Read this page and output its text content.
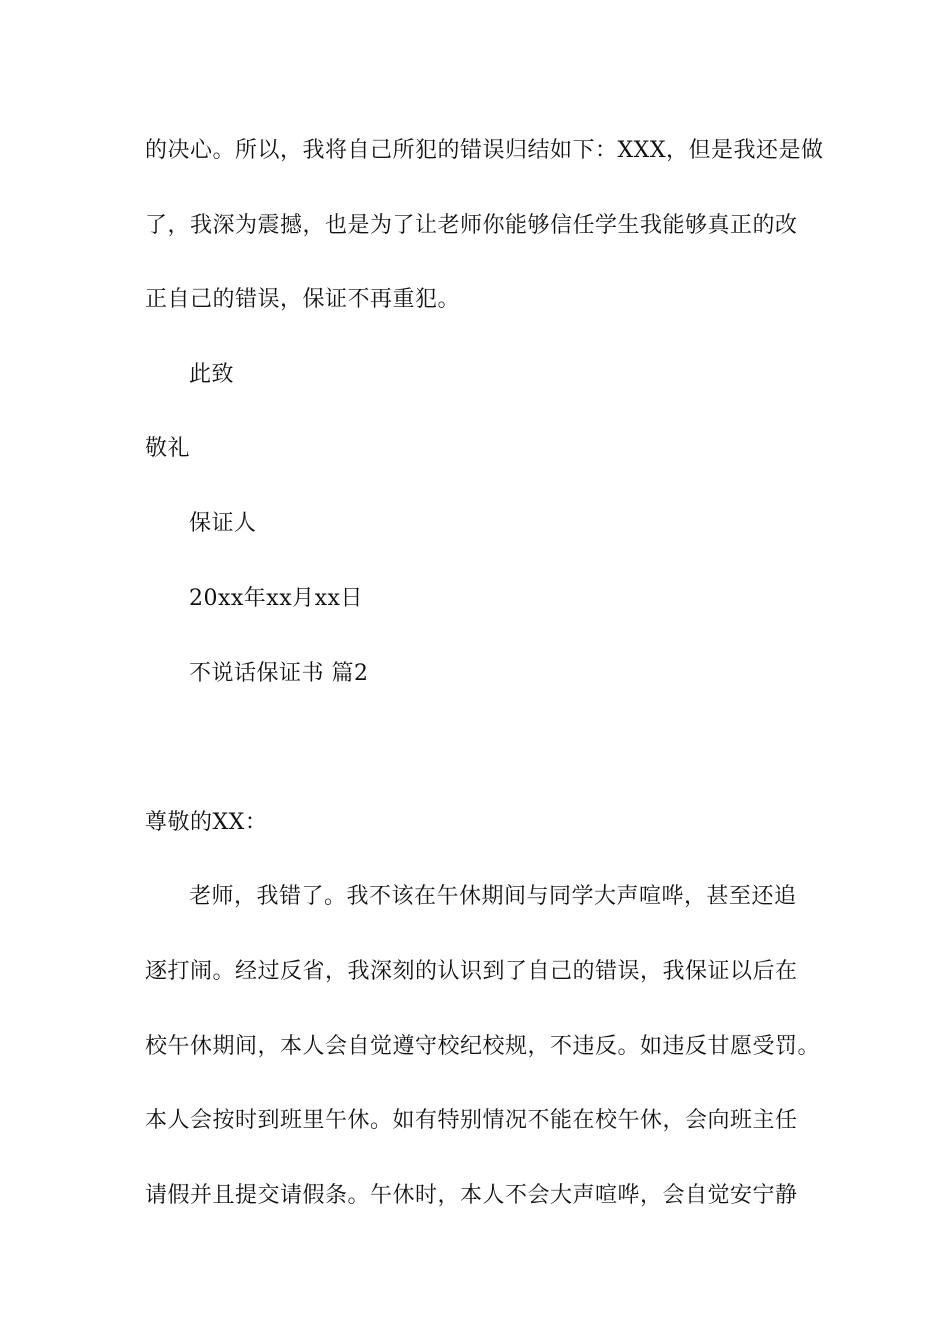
的决心。所以，我将自己所犯的错误归结如下：XXX，但是我还是做
了，我深为震撼，也是为了让老师你能够信任学生我能够真正的改
正自己的错误，保证不再重犯。
此致
敬礼
保证人
20xx年xx月xx日
不说话保证书 篇2
尊敬的XX：
老师，我错了。我不该在午休期间与同学大声喧哗，甚至还追
逐打闹。经过反省，我深刻的认识到了自己的错误，我保证以后在
校午休期间，本人会自觉遵守校纪校规，不违反。如违反甘愿受罚。
本人会按时到班里午休。如有特别情况不能在校午休，会向班主任
请假并且提交请假条。午休时，本人不会大声喧哗，会自觉安宁静
